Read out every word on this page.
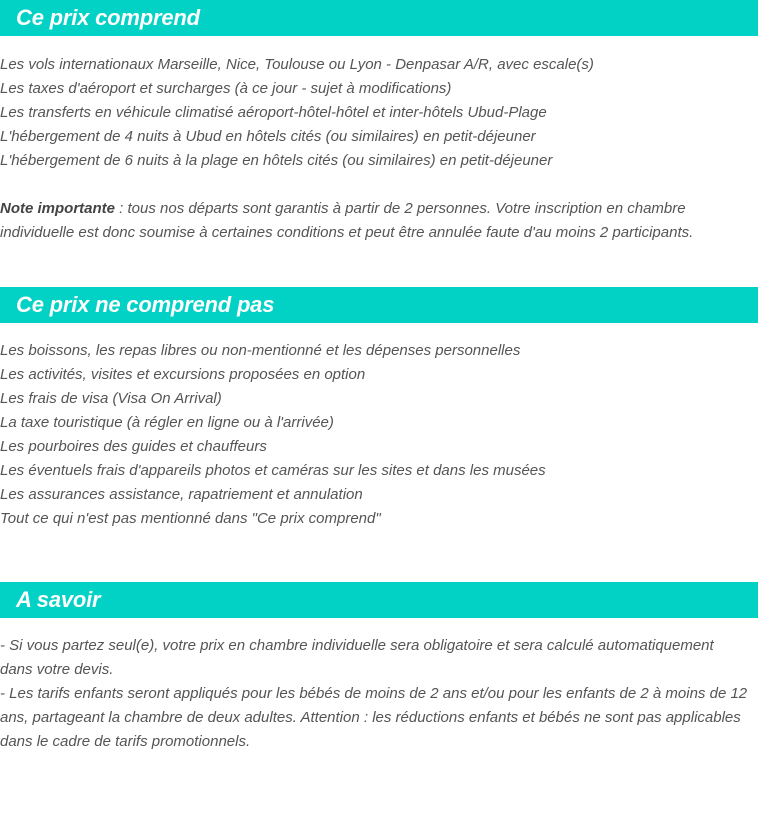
Ce prix comprend
Les vols internationaux Marseille, Nice, Toulouse ou Lyon - Denpasar A/R, avec escale(s)
Les taxes d'aéroport et surcharges (à ce jour - sujet à modifications)
Les transferts en véhicule climatisé aéroport-hôtel-hôtel et inter-hôtels Ubud-Plage
L'hébergement de 4 nuits à Ubud en hôtels cités (ou similaires) en petit-déjeuner
L'hébergement de 6 nuits à la plage en hôtels cités (ou similaires) en petit-déjeuner
Note importante : tous nos départs sont garantis à partir de 2 personnes. Votre inscription en chambre individuelle est donc soumise à certaines conditions et peut être annulée faute d'au moins 2 participants.
Ce prix ne comprend pas
Les boissons, les repas libres ou non-mentionné et les dépenses personnelles
Les activités, visites et excursions proposées en option
Les frais de visa (Visa On Arrival)
La taxe touristique (à régler en ligne ou à l'arrivée)
Les pourboires des guides et chauffeurs
Les éventuels frais d'appareils photos et caméras sur les sites et dans les musées
Les assurances assistance, rapatriement et annulation
Tout ce qui n'est pas mentionné dans "Ce prix comprend"
A savoir
- Si vous partez seul(e), votre prix en chambre individuelle sera obligatoire et sera calculé automatiquement dans votre devis.
- Les tarifs enfants seront appliqués pour les bébés de moins de 2 ans et/ou pour les enfants de 2 à moins de 12 ans, partageant la chambre de deux adultes. Attention : les réductions enfants et bébés ne sont pas applicables dans le cadre de tarifs promotionnels.
